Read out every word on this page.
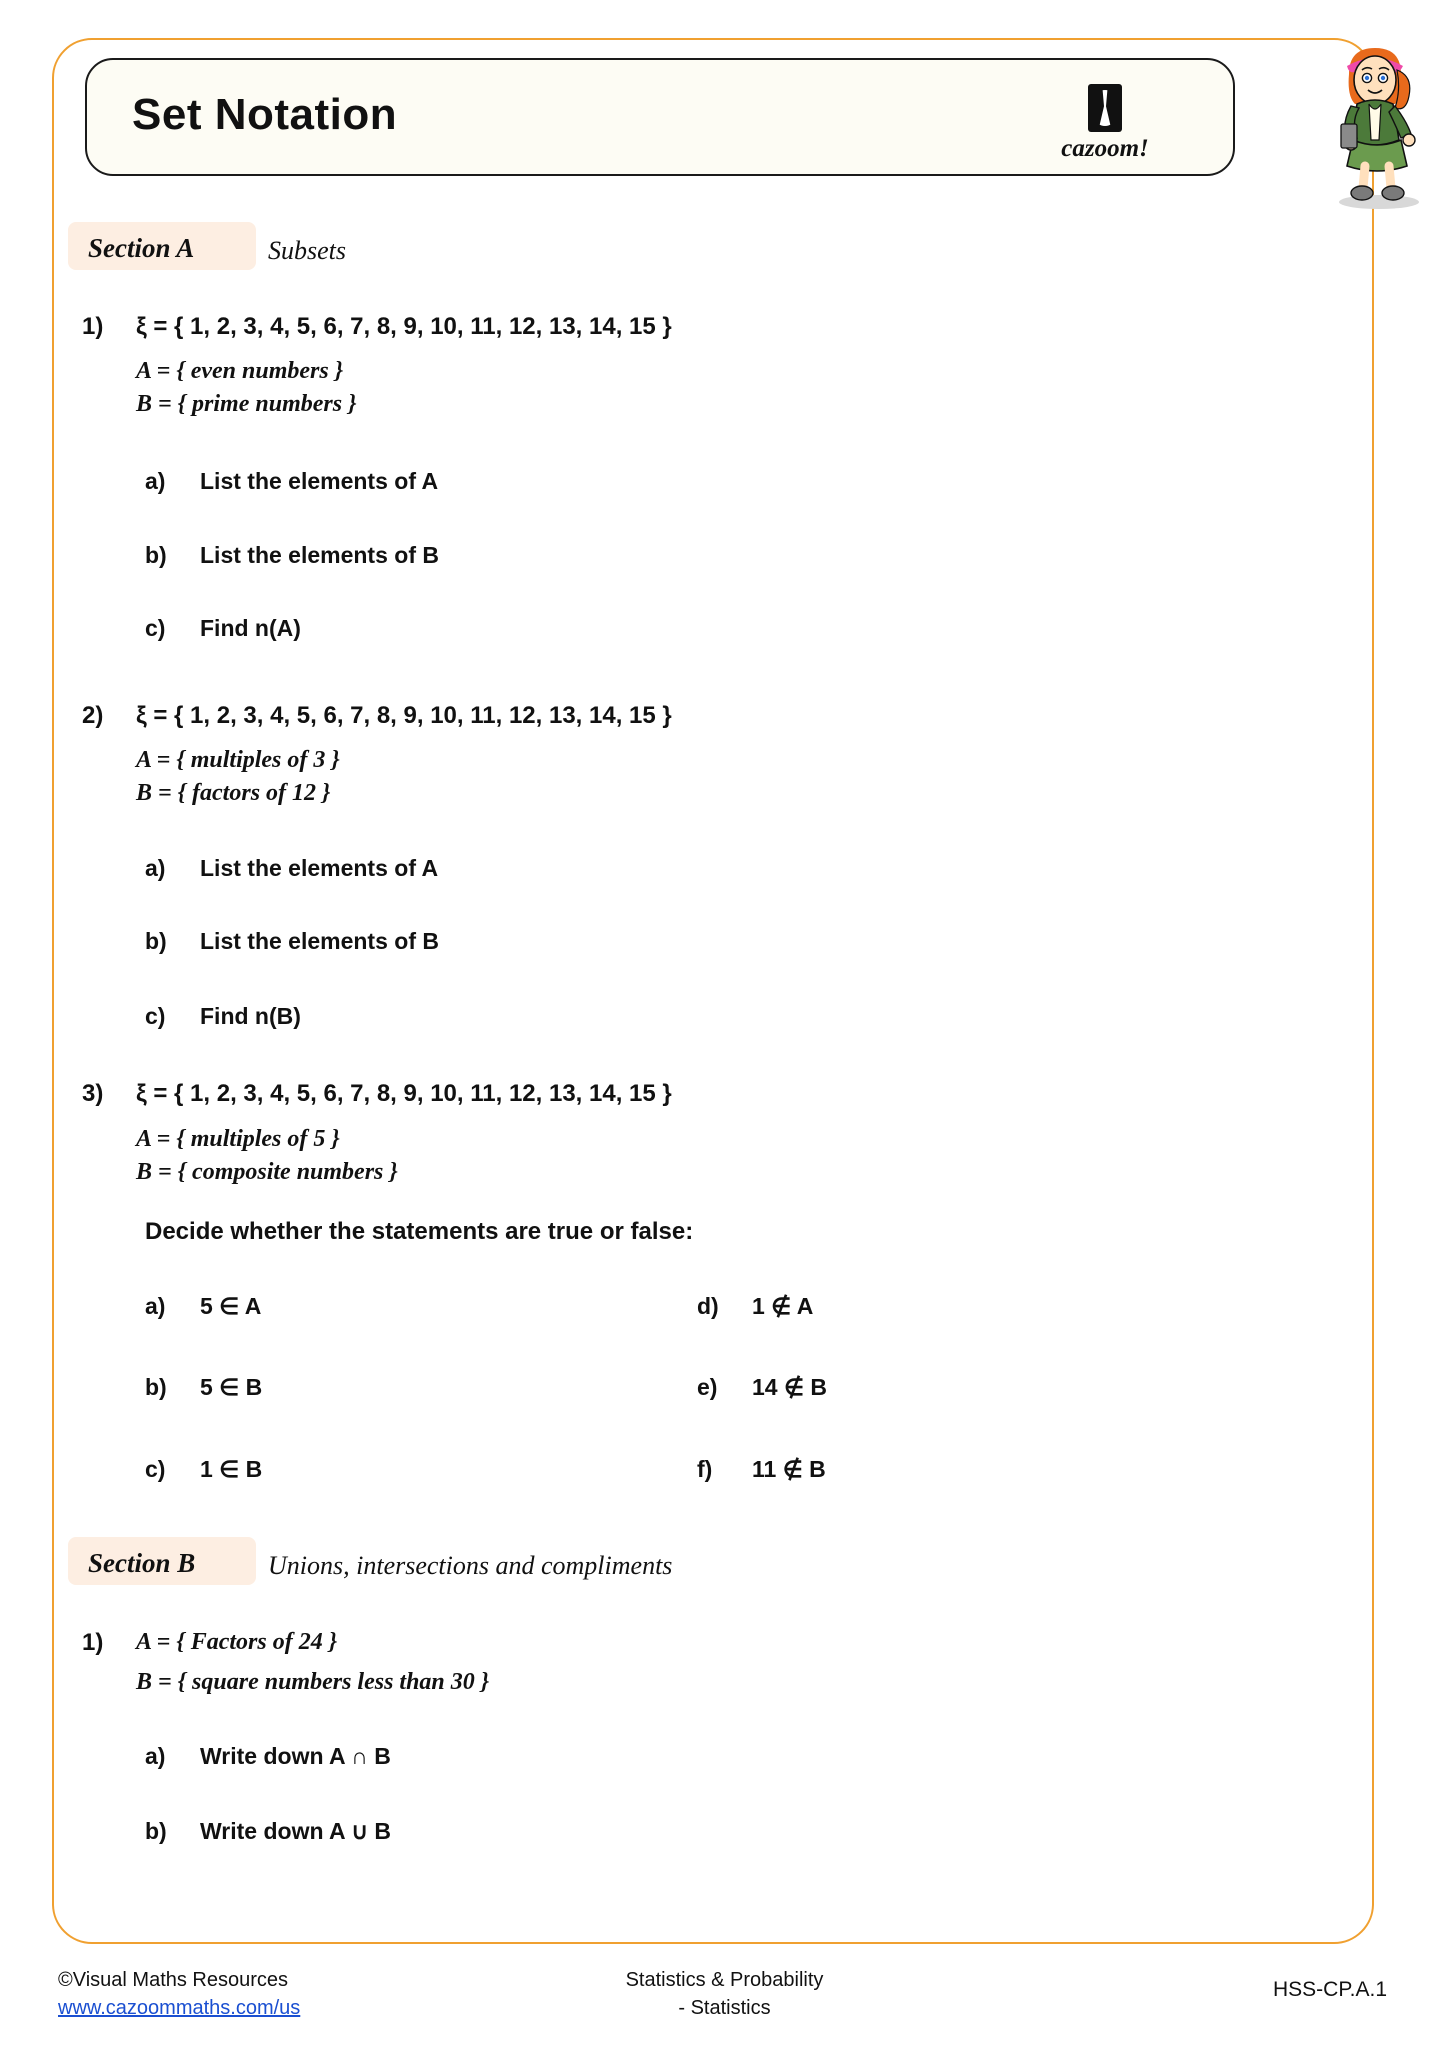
Set Notation
cazoom!
Section A	Subsets
1) ξ = { 1, 2, 3, 4, 5, 6, 7, 8, 9, 10, 11, 12, 13, 14, 15 }
A = { even numbers }
B = { prime numbers }
a) List the elements of A
b) List the elements of B
c) Find n(A)
2) ξ = { 1, 2, 3, 4, 5, 6, 7, 8, 9, 10, 11, 12, 13, 14, 15 }
A = { multiples of 3 }
B = { factors of 12 }
a) List the elements of A
b) List the elements of B
c) Find n(B)
3) ξ = { 1, 2, 3, 4, 5, 6, 7, 8, 9, 10, 11, 12, 13, 14, 15 }
A = { multiples of 5 }
B = { composite numbers }
Decide whether the statements are true or false:
a) 5 ∈ A
b) 5 ∈ B
c) 1 ∈ B
d) 1 ∉ A
e) 14 ∉ B
f) 11 ∉ B
Section B	Unions, intersections and compliments
1) A = { Factors of 24 }
B = { square numbers less than 30 }
a) Write down A ∩ B
b) Write down A ∪ B
©Visual Maths Resources
www.cazoommaths.com/us
Statistics & Probability
- Statistics
HSS-CP.A.1
